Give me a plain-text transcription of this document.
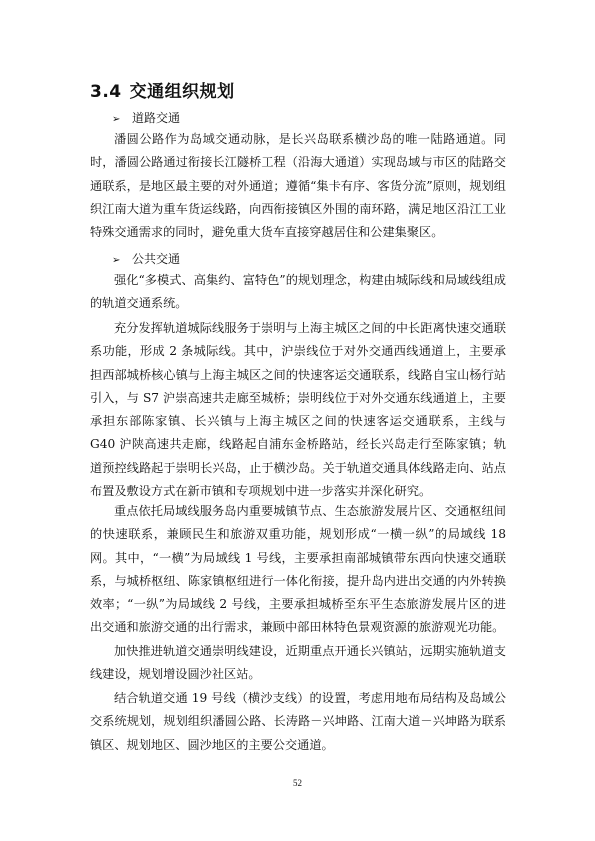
3.4 交通组织规划
➢ 道路交通

潘圆公路作为岛域交通动脉，是长兴岛联系横沙岛的唯一陆路通道。同时，潘圆公路通过衔接长江隧桥工程（沿海大通道）实现岛域与市区的陆路交通联系，是地区最主要的对外通道；遵循“集卡有序、客货分流”原则，规划组织江南大道为重车货运线路，向西衔接镇区外围的南环路，满足地区沿江工业特殊交通需求的同时，避免重大货车直接穿越居住和公建集聚区。

➢ 公共交通

强化“多模式、高集约、富特色”的规划理念，构建由城际线和局域线组成的轨道交通系统。

充分发挥轨道城际线服务于崇明与上海主城区之间的中长距离快速交通联系功能，形成 2 条城际线。其中，沪崇线位于对外交通西线通道上，主要承担西部城桥核心镇与上海主城区之间的快速客运交通联系，线路自宝山杨行站引入，与 S7 沪崇高速共走廊至城桥；崇明线位于对外交通东线通道上，主要承担东部陈家镇、长兴镇与上海主城区之间的快速客运交通联系，主线与 G40 沪陕高速共走廊，线路起自浦东金桥路站，经长兴岛走行至陈家镇；轨道预控线路起于崇明长兴岛，止于横沙岛。关于轨道交通具体线路走向、站点布置及敷设方式在新市镇和专项规划中进一步落实并深化研究。

重点依托局域线服务岛内重要城镇节点、生态旅游发展片区、交通枢纽间的快速联系，兼顾民生和旅游双重功能，规划形成“一横一纵”的局域线 18 网。其中，“一横”为局域线 1 号线，主要承担南部城镇带东西向快速交通联系，与城桥枢纽、陈家镇枢纽进行一体化衔接，提升岛内进出交通的内外转换效率；“一纵”为局域线 2 号线，主要承担城桥至东平生态旅游发展片区的进出交通和旅游交通的出行需求，兼顾中部田林特色景观资源的旅游观光功能。

加快推进轨道交通崇明线建设，近期重点开通长兴镇站，远期实施轨道支线建设，规划增设圆沙社区站。

结合轨道交通 19 号线（横沙支线）的设置，考虑用地布局结构及岛域公交系统规划，规划组织潘圆公路、长涛路－兴坤路、江南大道－兴坤路为联系镇区、规划地区、圆沙地区的主要公交通道。

52
